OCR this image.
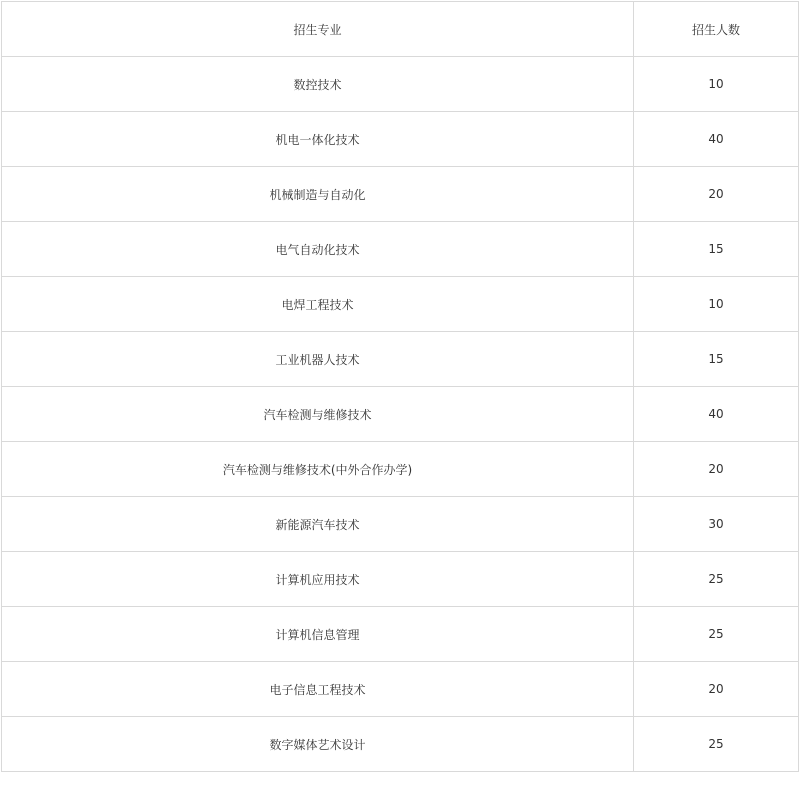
招生专业	招生人数
数控技术	10
机电一体化技术	40
机械制造与自动化	20
电气自动化技术	15
电焊工程技术	10
工业机器人技术	15
汽车检测与维修技术	40
汽车检测与维修技术(中外合作办学)	20
新能源汽车技术	30
计算机应用技术	25
计算机信息管理	25
电子信息工程技术	20
数字媒体艺术设计	25
